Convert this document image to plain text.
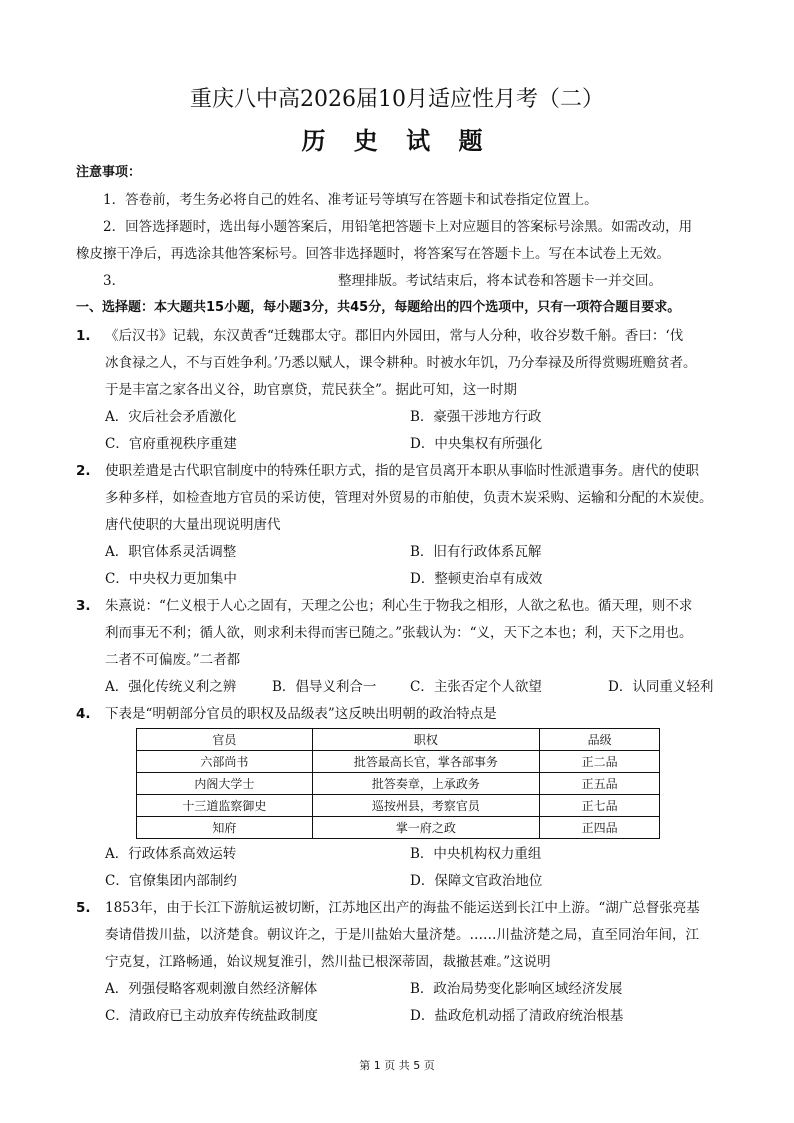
重庆八中高2026届10月适应性月考（二）
历 史 试 题
注意事项：
1．答卷前，考生务必将自己的姓名、准考证号等填写在答题卡和试卷指定位置上。
2．回答选择题时，选出每小题答案后，用铅笔把答题卡上对应题目的答案标号涂黑。如需改动，用
橡皮擦干净后，再选涂其他答案标号。回答非选择题时，将答案写在答题卡上。写在本试卷上无效。
3．	整理排版。考试结束后，将本试卷和答题卡一并交回。
一、选择题：本大题共15小题，每小题3分，共45分，每题给出的四个选项中，只有一项符合题目要求。
1. 《后汉书》记载，东汉黄香“迁魏郡太守。郡旧内外园田，常与人分种，收谷岁数千斛。香曰：‘伐
冰食禄之人，不与百姓争利。’乃悉以赋人，课令耕种。时被水年饥，乃分奉禄及所得赏赐班赡贫者。
于是丰富之家各出义谷，助官禀贷，荒民获全”。据此可知，这一时期
A．灾后社会矛盾激化	B．豪强干涉地方行政
C．官府重视秩序重建	D．中央集权有所强化
2. 使职差遣是古代职官制度中的特殊任职方式，指的是官员离开本职从事临时性派遣事务。唐代的使职
多种多样，如检查地方官员的采访使，管理对外贸易的市舶使，负责木炭采购、运输和分配的木炭使。
唐代使职的大量出现说明唐代
A．职官体系灵活调整	B．旧有行政体系瓦解
C．中央权力更加集中	D．整顿吏治卓有成效
3. 朱熹说：“仁义根于人心之固有，天理之公也；利心生于物我之相形，人欲之私也。循天理，则不求
利而事无不利；循人欲，则求利未得而害已随之。”张载认为：“义，天下之本也；利，天下之用也。
二者不可偏废。”二者都
A．强化传统义利之辨	B．倡导义利合一 C．主张否定个人欲望	D．认同重义轻利
4. 下表是“明朝部分官员的职权及品级表”这反映出明朝的政治特点是
官员	职权	品级
六部尚书	批答最高长官，掌各部事务	正二品
内阁大学士	批答奏章，上承政务	正五品
十三道监察御史	巡按州县，考察官员	正七品
知府	掌一府之政	正四品
A．行政体系高效运转	B．中央机构权力重组
C．官僚集团内部制约	D．保障文官政治地位
5. 1853年，由于长江下游航运被切断，江苏地区出产的海盐不能运送到长江中上游。“湖广总督张亮基
奏请借拨川盐，以济楚食。朝议许之，于是川盐始大量济楚。……川盐济楚之局，直至同治年间，江
宁克复，江路畅通，始议规复淮引，然川盐已根深蒂固，裁撤甚难。”这说明
A．列强侵略客观刺激自然经济解体	B．政治局势变化影响区域经济发展
C．清政府已主动放弃传统盐政制度	D．盐政危机动摇了清政府统治根基
第 1 页 共 5 页
